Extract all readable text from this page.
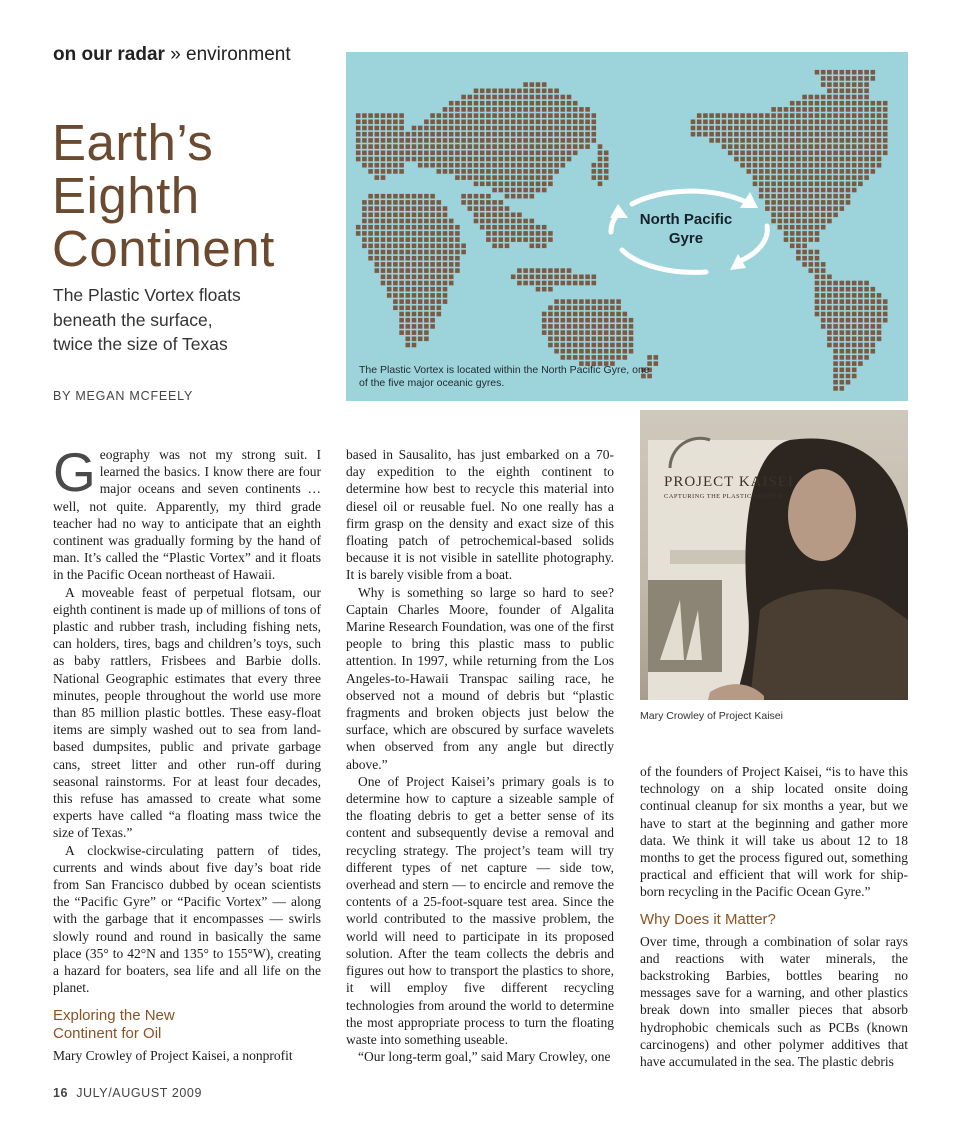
on our radar » environment
Earth’s
Eighth
Continent
The Plastic Vortex floats
beneath the surface,
twice the size of Texas
BY MEGAN MCFEELY
North Pacific
Gyre
The Plastic Vortex is located within the North Pacific Gyre, one of the five major oceanic gyres.
PROJECT KAISEI
CAPTURING THE PLASTIC VORTEX
Mary Crowley of Project Kaisei

Geography was not my strong suit. I learned the basics. I know there are four major oceans and seven continents … well, not quite. Apparently, my third grade teacher had no way to anticipate that an eighth continent was gradually forming by the hand of man. It’s called the “Plastic Vortex” and it floats in the Pacific Ocean northeast of Hawaii.

A moveable feast of perpetual flotsam, our eighth continent is made up of millions of tons of plastic and rubber trash, including fishing nets, can holders, tires, bags and children’s toys, such as baby rattlers, Frisbees and Barbie dolls. National Geographic estimates that every three minutes, people throughout the world use more than 85 million plastic bottles. These easy-float items are simply washed out to sea from land-based dumpsites, public and private garbage cans, street litter and other run-off during seasonal rainstorms. For at least four decades, this refuse has amassed to create what some experts have called “a floating mass twice the size of Texas.”

A clockwise-circulating pattern of tides, currents and winds about five day’s boat ride from San Francisco dubbed by ocean scientists the “Pacific Gyre” or “Pacific Vortex” — along with the garbage that it encompasses — swirls slowly round and round in basically the same place (35° to 42°N and 135° to 155°W), creating a hazard for boaters, sea life and all life on the planet.

Exploring the New
Continent for Oil

Mary Crowley of Project Kaisei, a nonprofit

based in Sausalito, has just embarked on a 70-day expedition to the eighth continent to determine how best to recycle this material into diesel oil or reusable fuel. No one really has a firm grasp on the density and exact size of this floating patch of petrochemical-based solids because it is not visible in satellite photography. It is barely visible from a boat.

Why is something so large so hard to see? Captain Charles Moore, founder of Algalita Marine Research Foundation, was one of the first people to bring this plastic mass to public attention. In 1997, while returning from the Los Angeles-to-Hawaii Transpac sailing race, he observed not a mound of debris but “plastic fragments and broken objects just below the surface, which are obscured by surface wavelets when observed from any angle but directly above.”

One of Project Kaisei’s primary goals is to determine how to capture a sizeable sample of the floating debris to get a better sense of its content and subsequently devise a removal and recycling strategy. The project’s team will try different types of net capture — side tow, overhead and stern — to encircle and remove the contents of a 25-foot-square test area. Since the world contributed to the massive problem, the world will need to participate in its proposed solution. After the team collects the debris and figures out how to transport the plastics to shore, it will employ five different recycling technologies from around the world to determine the most appropriate process to turn the floating waste into something useable.

“Our long-term goal,” said Mary Crowley, one

of the founders of Project Kaisei, “is to have this technology on a ship located onsite doing continual cleanup for six months a year, but we have to start at the beginning and gather more data. We think it will take us about 12 to 18 months to get the process figured out, something practical and efficient that will work for ship-born recycling in the Pacific Ocean Gyre.”

Why Does it Matter?

Over time, through a combination of solar rays and reactions with water minerals, the backstroking Barbies, bottles bearing no messages save for a warning, and other plastics break down into smaller pieces that absorb hydrophobic chemicals such as PCBs (known carcinogens) and other polymer additives that have accumulated in the sea. The plastic debris

16 JULY/AUGUST 2009
